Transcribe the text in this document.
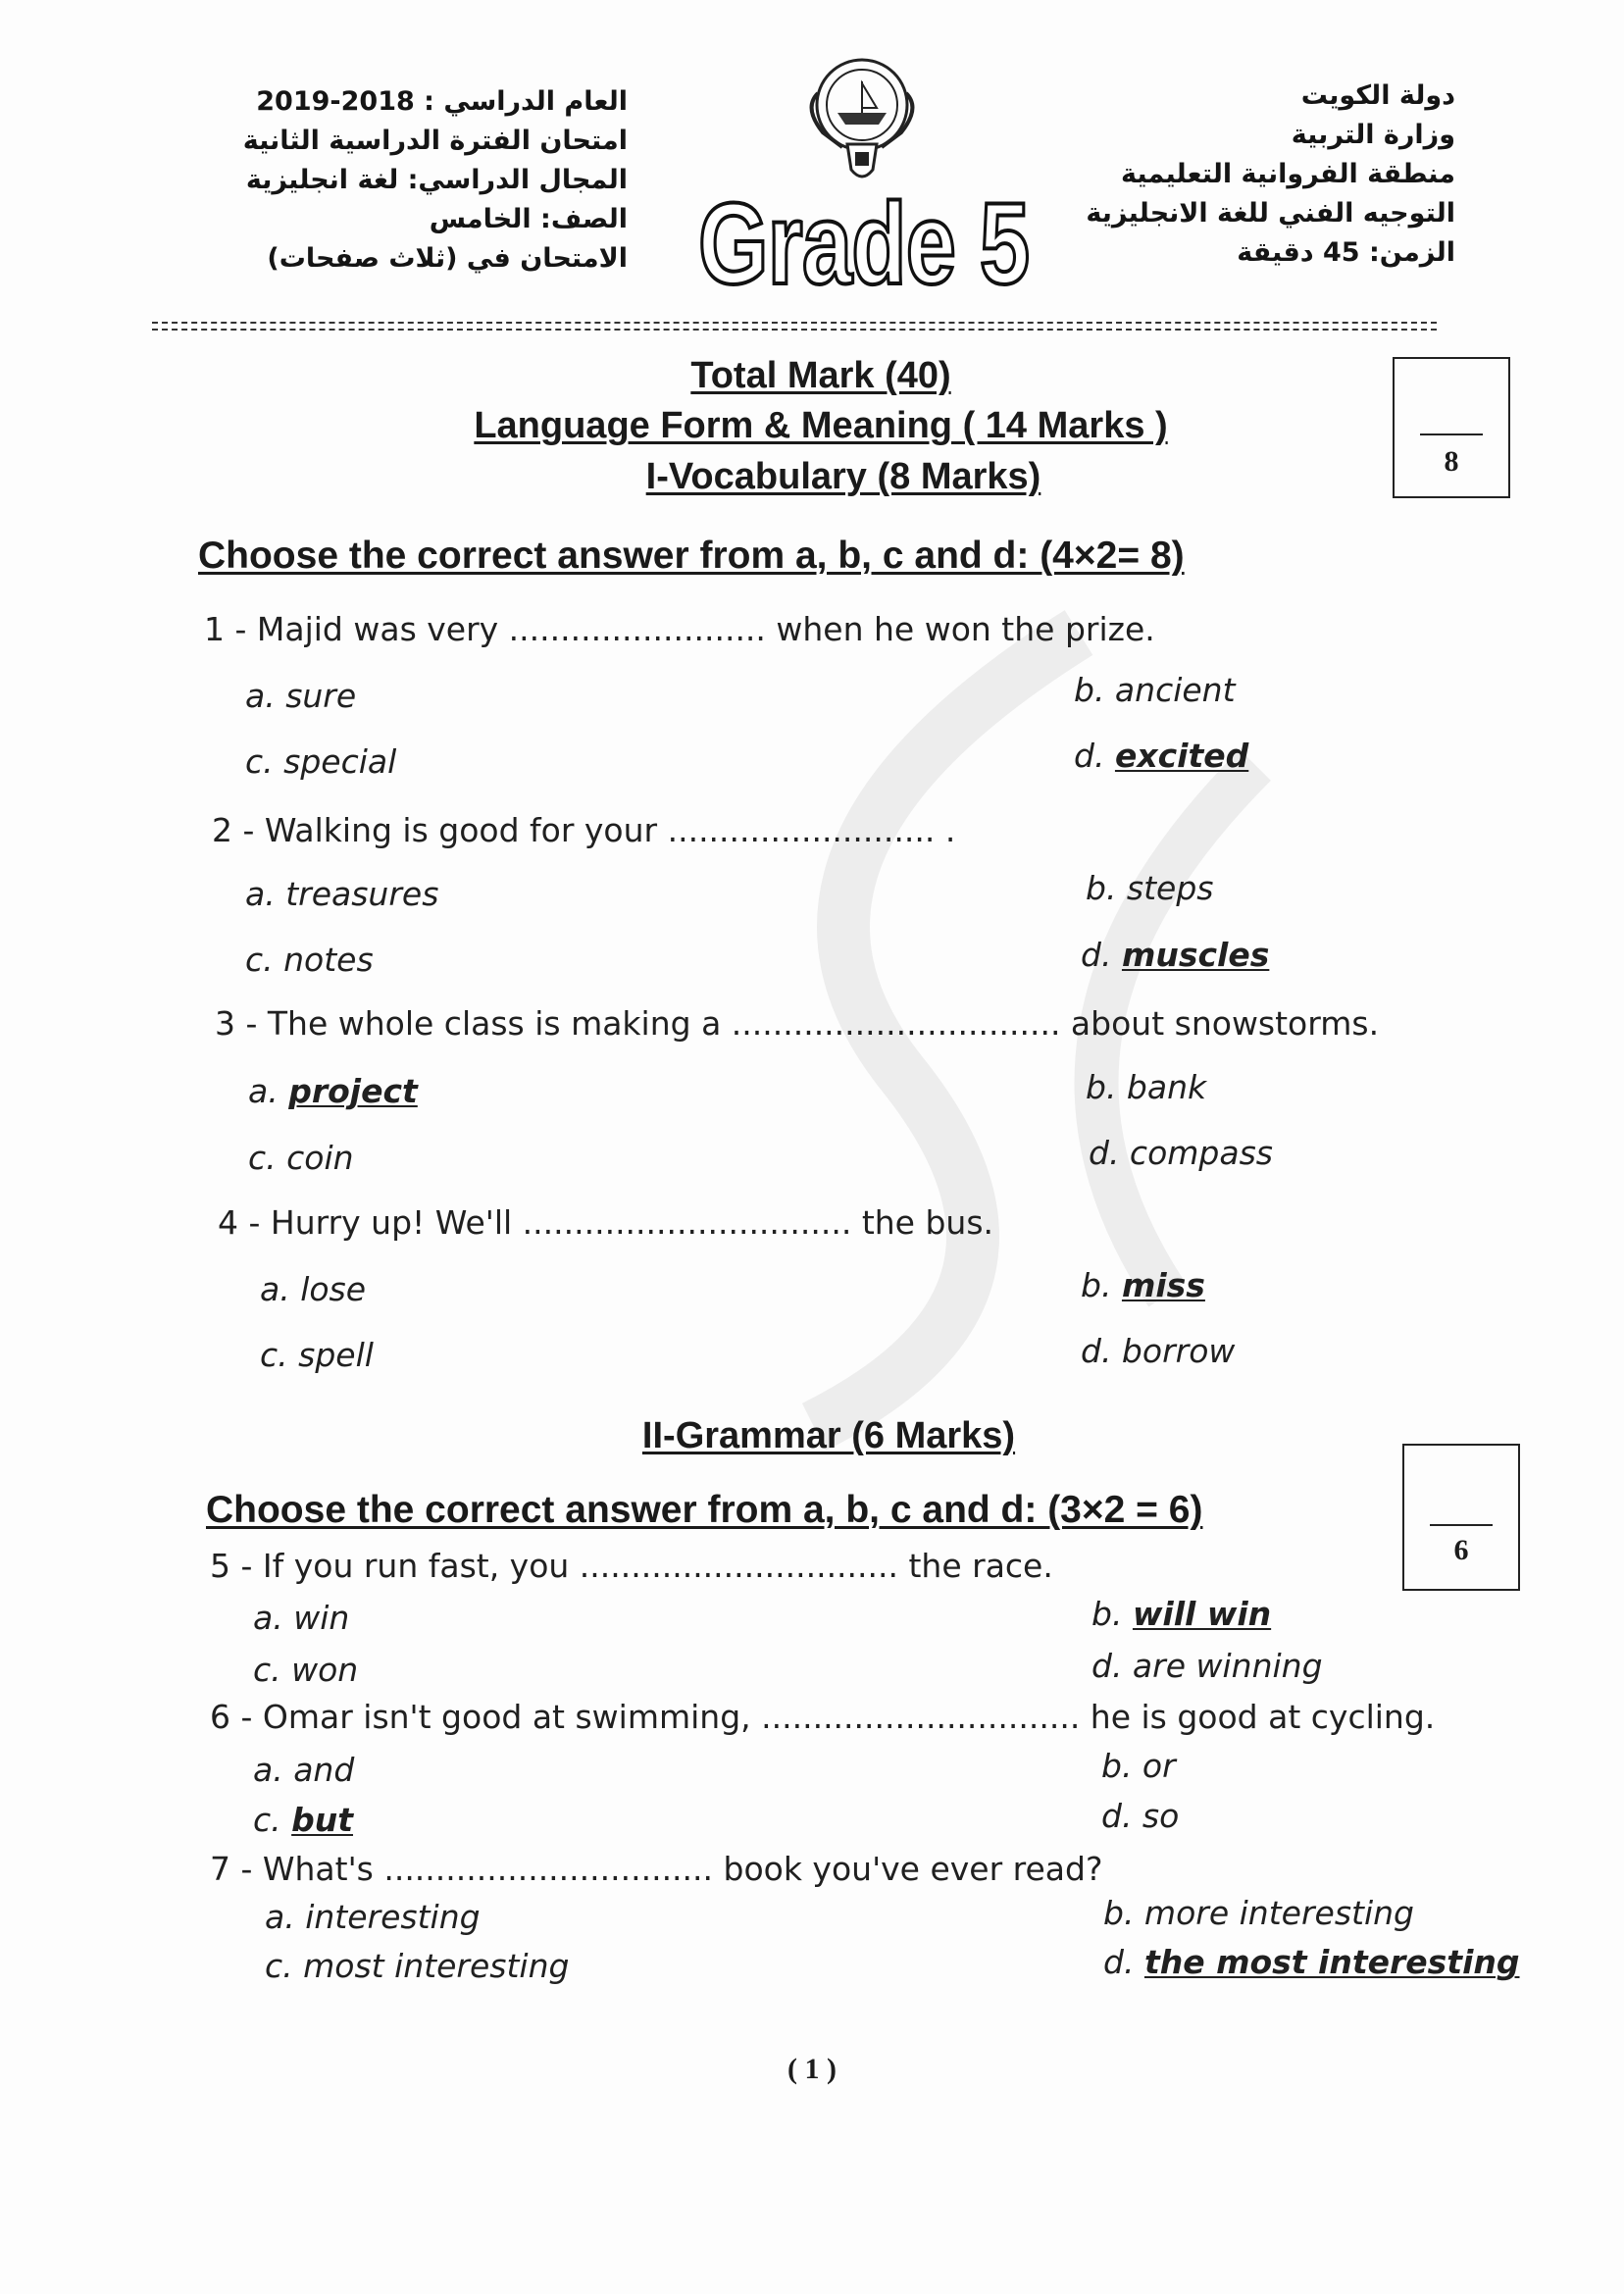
دولة الكويت
وزارة التربية
منطقة الفروانية التعليمية
التوجيه الفني للغة الانجليزية
الزمن: 45 دقيقة
العام الدراسي : 2018-2019
امتحان الفترة الدراسية الثانية
المجال الدراسي: لغة انجليزية
الصف: الخامس
الامتحان في (ثلاث صفحات) Grade 5
Total Mark (40)
Language Form & Meaning ( 14 Marks )
I-Vocabulary (8 Marks)	8
Choose the correct answer from a, b, c and d: (4×2= 8)
1 - Majid was very ......................... when he won the prize.
a. sure	b. ancient
c. special	d. excited
2 - Walking is good for your .......................... .
a. treasures	b. steps
c. notes	d. muscles
3 - The whole class is making a ................................ about snowstorms.
a. project	b. bank
c. coin	d. compass
4 - Hurry up! We'll ................................ the bus.
a. lose	b. miss
c. spell	d. borrow
II-Grammar (6 Marks)
6
Choose the correct answer from a, b, c and d: (3×2 = 6)
5 - If you run fast, you ............................... the race.
a. win	b. will win
c. won	d. are winning
6 - Omar isn't good at swimming, ............................... he is good at cycling.
a. and	b. or
c. but	d. so
7 - What's ................................ book you've ever read?
a. interesting	b. more interesting
c. most interesting	d. the most interesting
( 1 )
